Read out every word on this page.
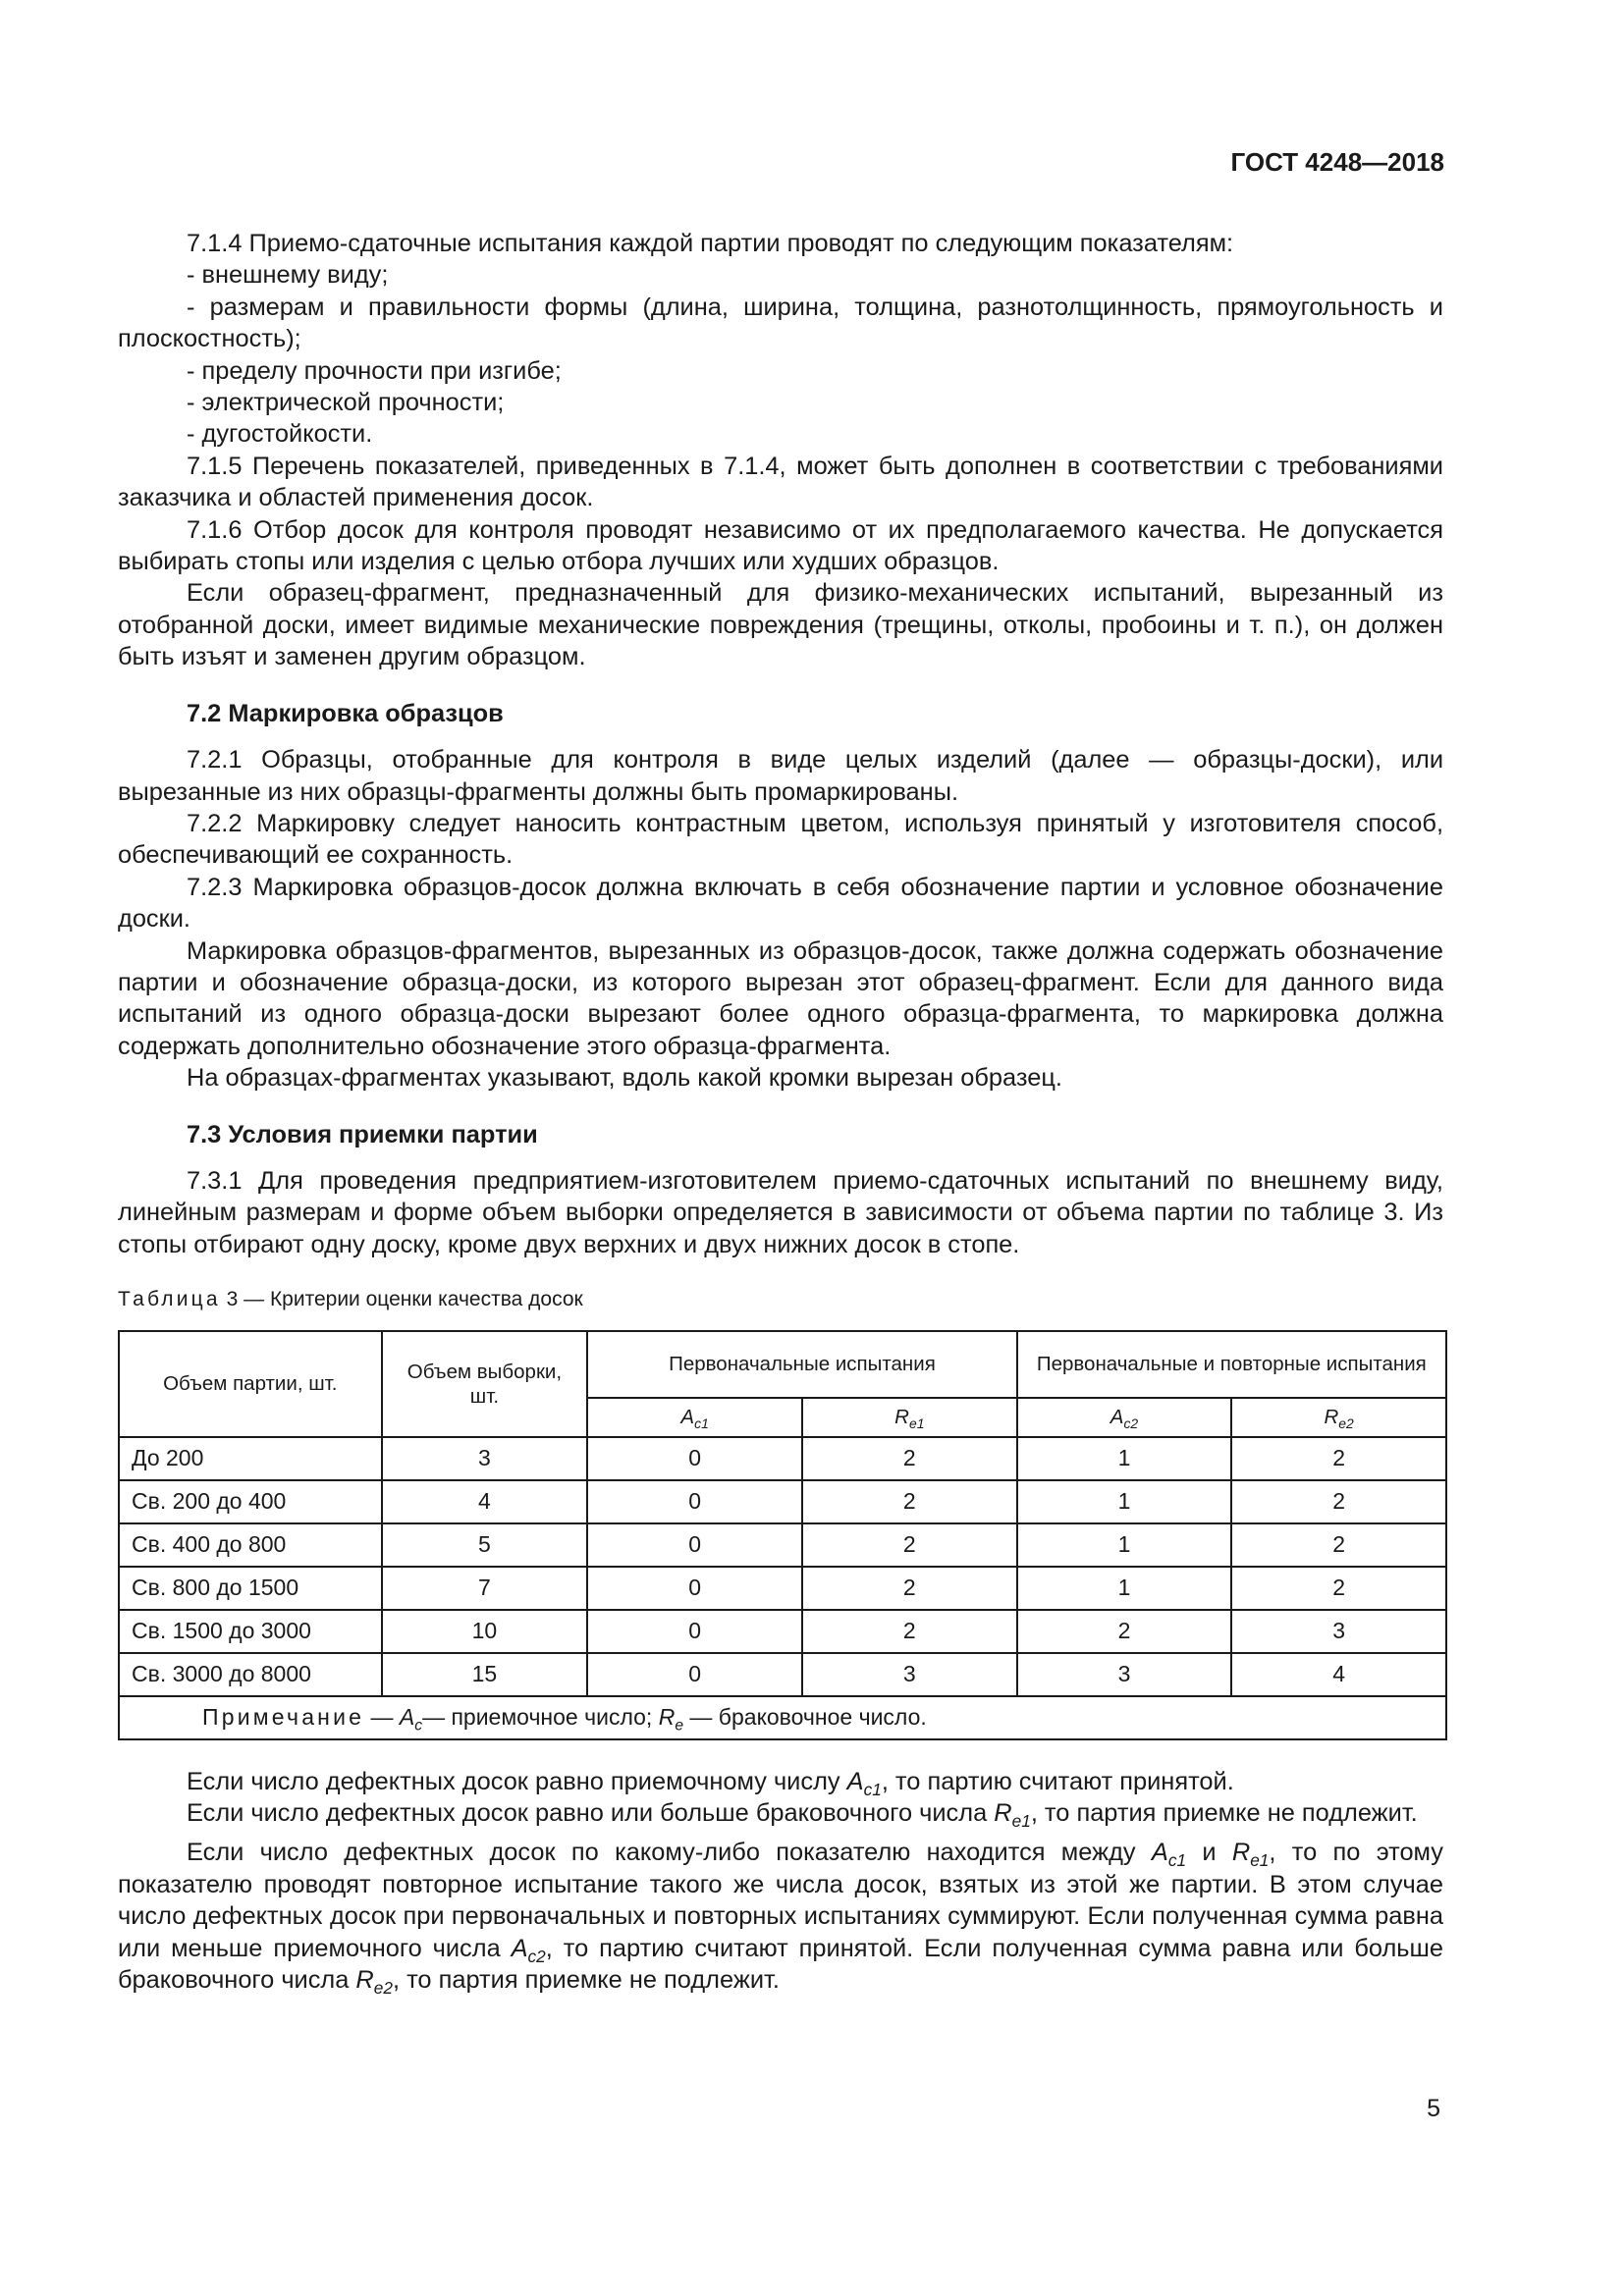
ГОСТ 4248—2018

7.1.4 Приемо-сдаточные испытания каждой партии проводят по следующим показателям:

- внешнему виду;

- размерам и правильности формы (длина, ширина, толщина, разнотолщинность, прямоугольность и плоскостность);

- пределу прочности при изгибе;

- электрической прочности;

- дугостойкости.

7.1.5 Перечень показателей, приведенных в 7.1.4, может быть дополнен в соответствии с требованиями заказчика и областей применения досок.

7.1.6 Отбор досок для контроля проводят независимо от их предполагаемого качества. Не допускается выбирать стопы или изделия с целью отбора лучших или худших образцов.

Если образец-фрагмент, предназначенный для физико-механических испытаний, вырезанный из отобранной доски, имеет видимые механические повреждения (трещины, отколы, пробоины и т. п.), он должен быть изъят и заменен другим образцом.

7.2 Маркировка образцов

7.2.1 Образцы, отобранные для контроля в виде целых изделий (далее — образцы-доски), или вырезанные из них образцы-фрагменты должны быть промаркированы.

7.2.2 Маркировку следует наносить контрастным цветом, используя принятый у изготовителя способ, обеспечивающий ее сохранность.

7.2.3 Маркировка образцов-досок должна включать в себя обозначение партии и условное обозначение доски.

Маркировка образцов-фрагментов, вырезанных из образцов-досок, также должна содержать обозначение партии и обозначение образца-доски, из которого вырезан этот образец-фрагмент. Если для данного вида испытаний из одного образца-доски вырезают более одного образца-фрагмента, то маркировка должна содержать дополнительно обозначение этого образца-фрагмента.

На образцах-фрагментах указывают, вдоль какой кромки вырезан образец.

7.3 Условия приемки партии

7.3.1 Для проведения предприятием-изготовителем приемо-сдаточных испытаний по внешнему виду, линейным размерам и форме объем выборки определяется в зависимости от объема партии по таблице 3. Из стопы отбирают одну доску, кроме двух верхних и двух нижних досок в стопе.

Таблица 3 — Критерии оценки качества досок

Объем партии, шт.	Объем выборки, шт.	Первоначальные испытания		Первоначальные и повторные испытания	
		$A_{c1}$	$R_{e1}$	$A_{c2}$	$R_{e2}$
До 200	3	0	2	1	2
Св. 200 до 400	4	0	2	1	2
Св. 400 до 800	5	0	2	1	2
Св. 800 до 1500	7	0	2	1	2
Св. 1500 до 3000	10	0	2	2	3
Св. 3000 до 8000	15	0	3	3	4
Примечание — $A_c—$ приемочное число; $R_e$ — браковочное число.					

Если число дефектных досок равно приемочному числу $A_{c1}$, то партию считают принятой.

Если число дефектных досок равно или больше браковочного числа $R_{e1}$, то партия приемке не подлежит.

Если число дефектных досок по какому-либо показателю находится между $A_{c1}$ и $R_{e1}$, то по этому показателю проводят повторное испытание такого же числа досок, взятых из этой же партии. В этом случае число дефектных досок при первоначальных и повторных испытаниях суммируют. Если полученная сумма равна или меньше приемочного числа $A_{c2}$, то партию считают принятой. Если полученная сумма равна или больше браковочного числа $R_{e2}$, то партия приемке не подлежит.

5
